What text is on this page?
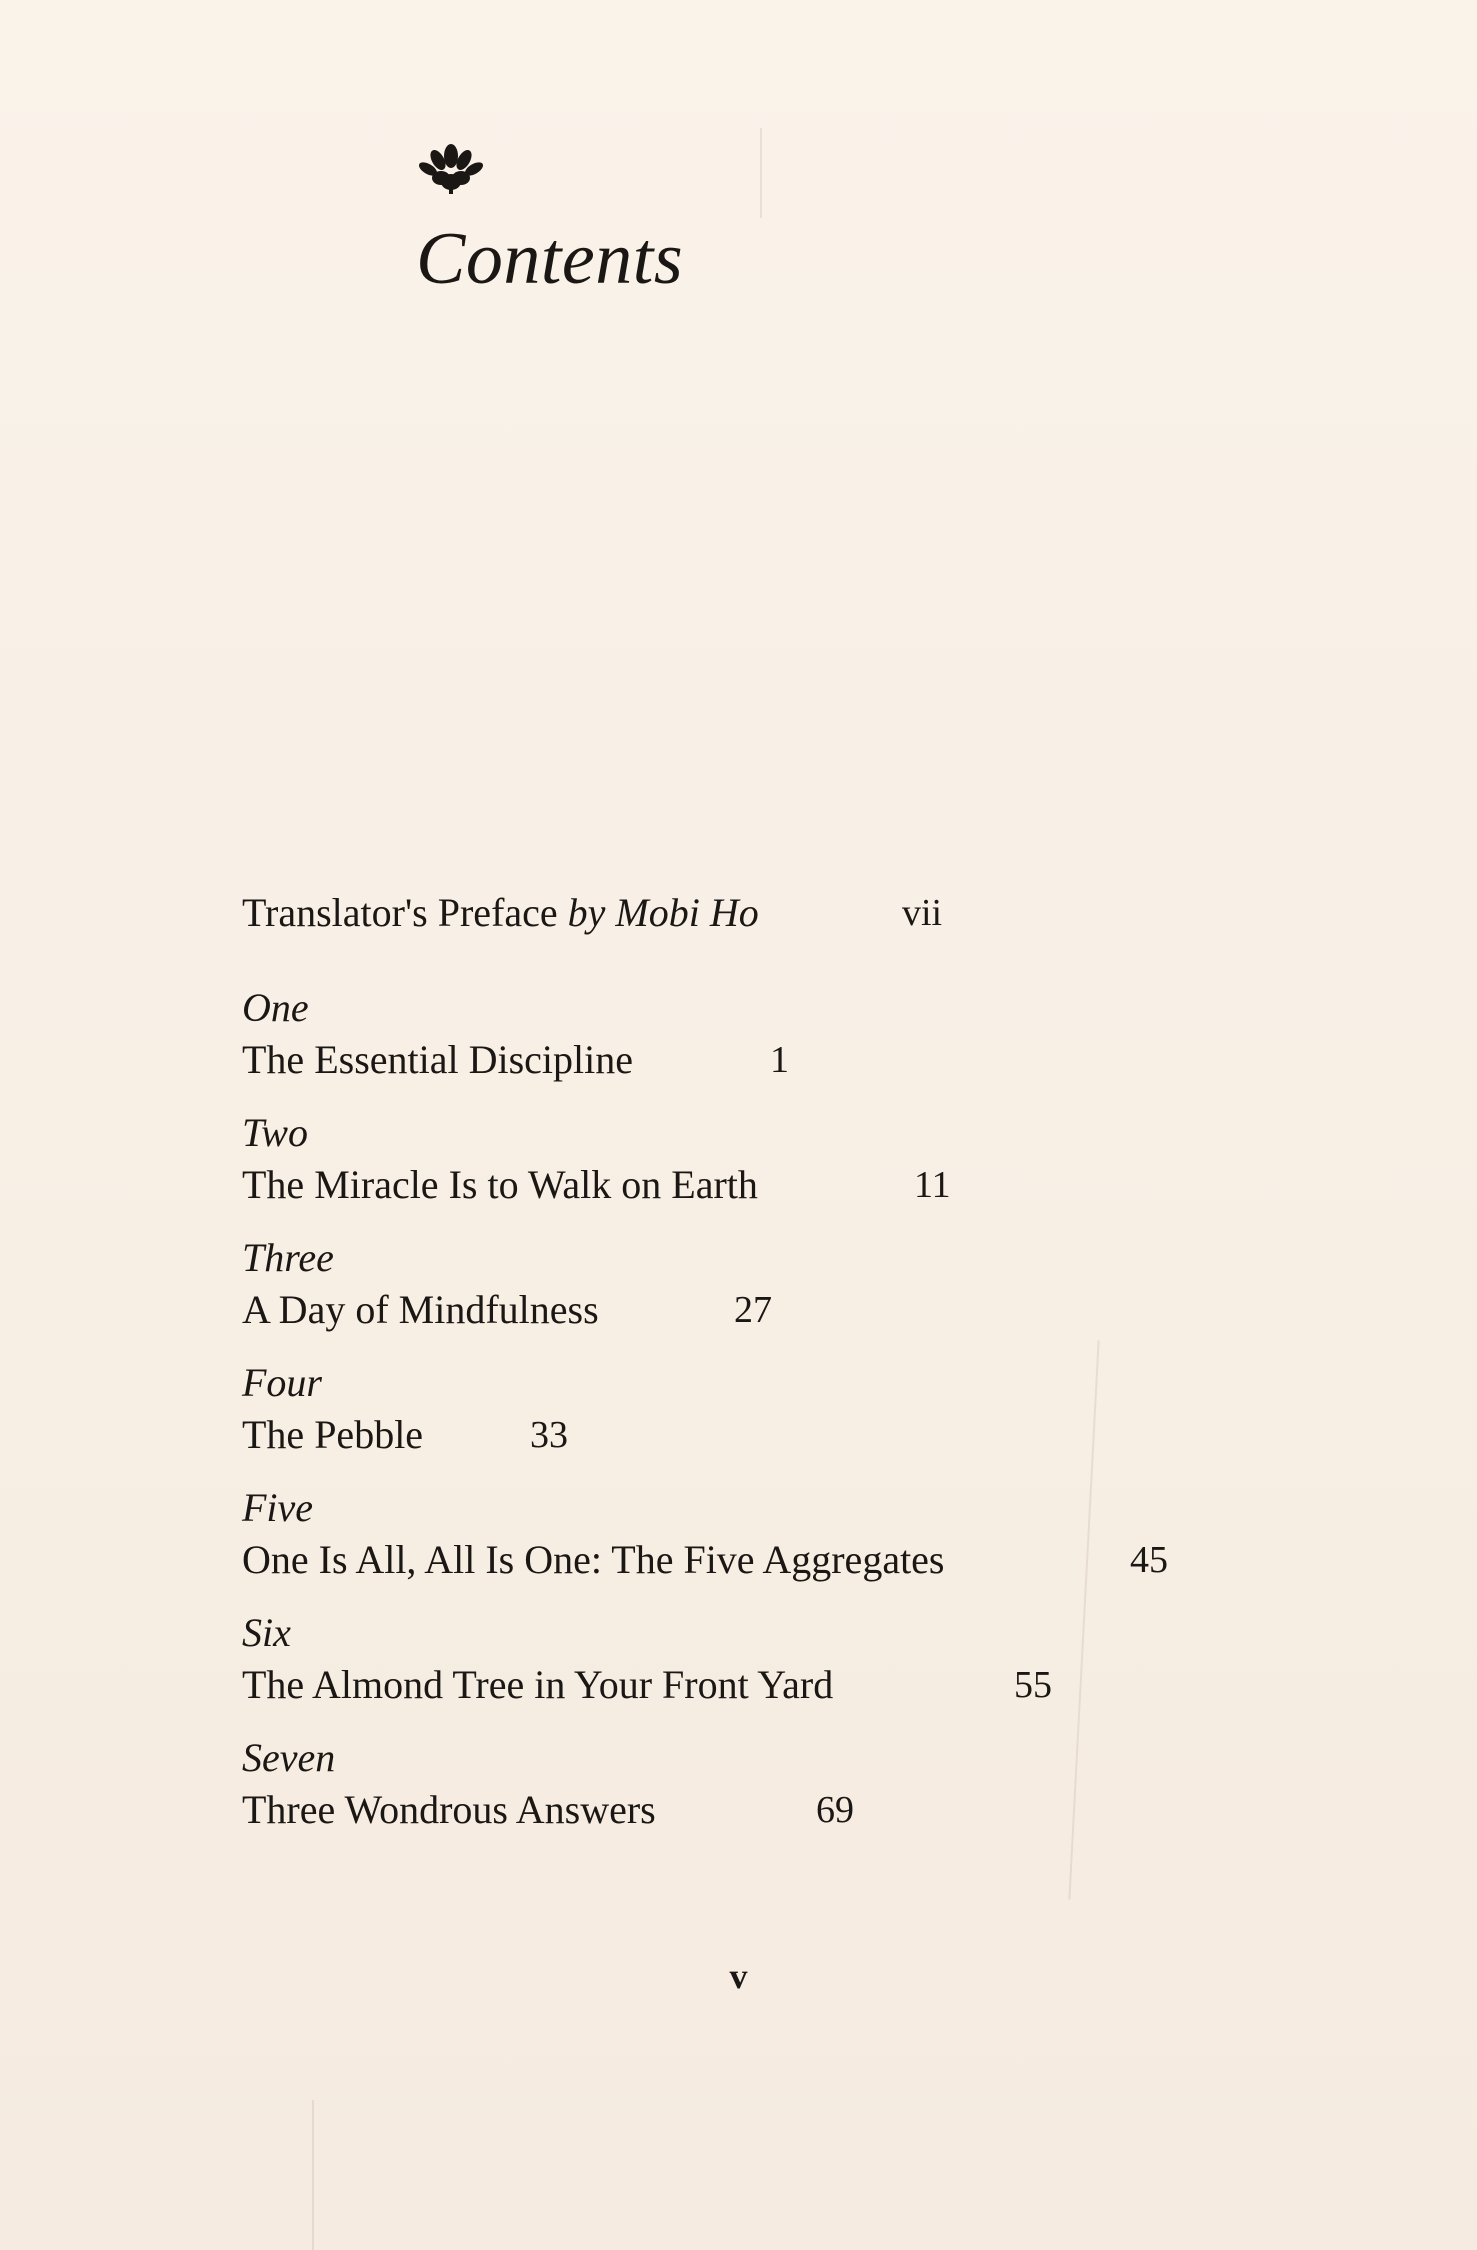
Contents
Translator's Preface by Mobi Ho	vii
One
The Essential Discipline	1
Two
The Miracle Is to Walk on Earth	11
Three
A Day of Mindfulness	27
Four
The Pebble	33
Five
One Is All, All Is One: The Five Aggregates	45
Six
The Almond Tree in Your Front Yard	55
Seven
Three Wondrous Answers	69
v
